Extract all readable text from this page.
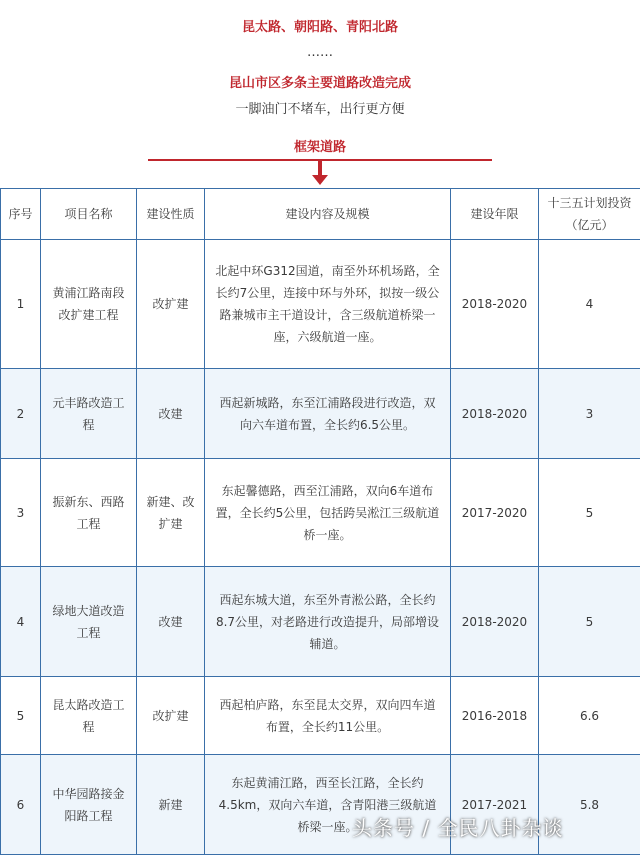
昆太路、朝阳路、青阳北路
……
昆山市区多条主要道路改造完成
一脚油门不堵车，出行更方便
框架道路
序号	项目名称	建设性质	建设内容及规模	建设年限	十三五计划投资（亿元）
1	黄浦江路南段改扩建工程	改扩建	北起中环G312国道，南至外环机场路，全长约7公里，连接中环与外环，拟按一级公路兼城市主干道设计，含三级航道桥梁一座，六级航道一座。	2018-2020	4
2	元丰路改造工程	改建	西起新城路，东至江浦路段进行改造，双向六车道布置，全长约6.5公里。	2018-2020	3
3	振新东、西路工程	新建、改扩建	东起馨德路，西至江浦路，双向6车道布置，全长约5公里，包括跨吴淞江三级航道桥一座。	2017-2020	5
4	绿地大道改造工程	改建	西起东城大道，东至外青淞公路，全长约8.7公里，对老路进行改造提升，局部增设辅道。	2018-2020	5
5	昆太路改造工程	改扩建	西起柏庐路，东至昆太交界，双向四车道布置，全长约11公里。	2016-2018	6.6
6	中华园路接金阳路工程	新建	东起黄浦江路，西至长江路，全长约4.5km，双向六车道，含青阳港三级航道桥梁一座。	2017-2021	5.8
头条号 / 全民八卦杂谈
